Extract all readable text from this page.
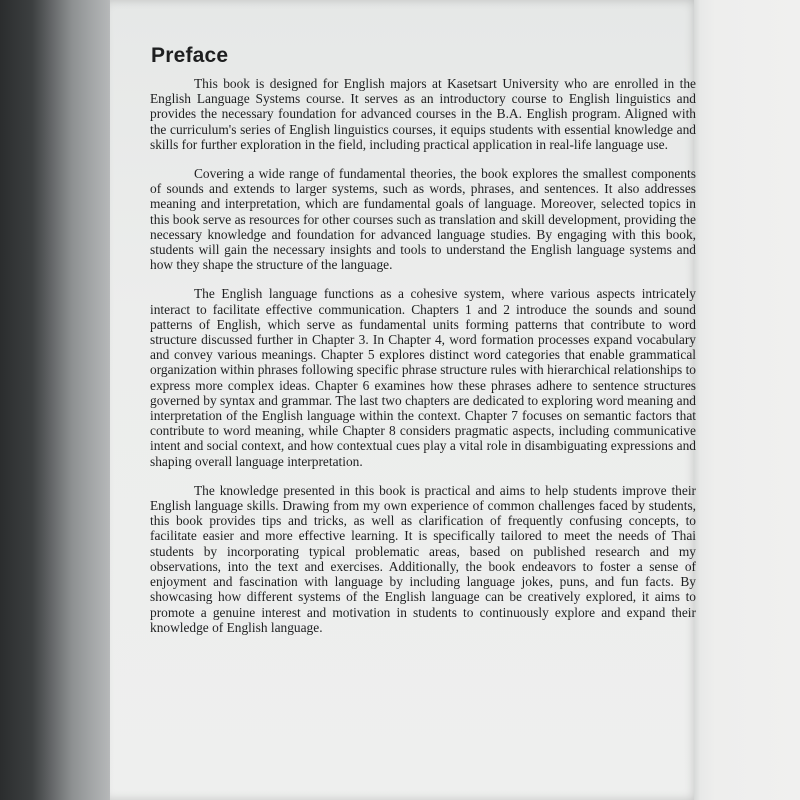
Preface

This book is designed for English majors at Kasetsart University who are enrolled in the English Language Systems course. It serves as an introductory course to English linguistics and provides the necessary foundation for advanced courses in the B.A. English program. Aligned with the curriculum's series of English linguistics courses, it equips students with essential knowledge and skills for further exploration in the field, including practical application in real-life language use.

Covering a wide range of fundamental theories, the book explores the smallest components of sounds and extends to larger systems, such as words, phrases, and sentences. It also addresses meaning and interpretation, which are fundamental goals of language. Moreover, selected topics in this book serve as resources for other courses such as translation and skill development, providing the necessary knowledge and foundation for advanced language studies. By engaging with this book, students will gain the necessary insights and tools to understand the English language systems and how they shape the structure of the language.

The English language functions as a cohesive system, where various aspects intricately interact to facilitate effective communication. Chapters 1 and 2 introduce the sounds and sound patterns of English, which serve as fundamental units forming patterns that contribute to word structure discussed further in Chapter 3. In Chapter 4, word formation processes expand vocabulary and convey various meanings. Chapter 5 explores distinct word categories that enable grammatical organization within phrases following specific phrase structure rules with hierarchical relationships to express more complex ideas. Chapter 6 examines how these phrases adhere to sentence structures governed by syntax and grammar. The last two chapters are dedicated to exploring word meaning and interpretation of the English language within the context. Chapter 7 focuses on semantic factors that contribute to word meaning, while Chapter 8 considers pragmatic aspects, including communicative intent and social context, and how contextual cues play a vital role in disambiguating expressions and shaping overall language interpretation.

The knowledge presented in this book is practical and aims to help students improve their English language skills. Drawing from my own experience of common challenges faced by students, this book provides tips and tricks, as well as clarification of frequently confusing concepts, to facilitate easier and more effective learning. It is specifically tailored to meet the needs of Thai students by incorporating typical problematic areas, based on published research and my observations, into the text and exercises. Additionally, the book endeavors to foster a sense of enjoyment and fascination with language by including language jokes, puns, and fun facts. By showcasing how different systems of the English language can be creatively explored, it aims to promote a genuine interest and motivation in students to continuously explore and expand their knowledge of English language.
